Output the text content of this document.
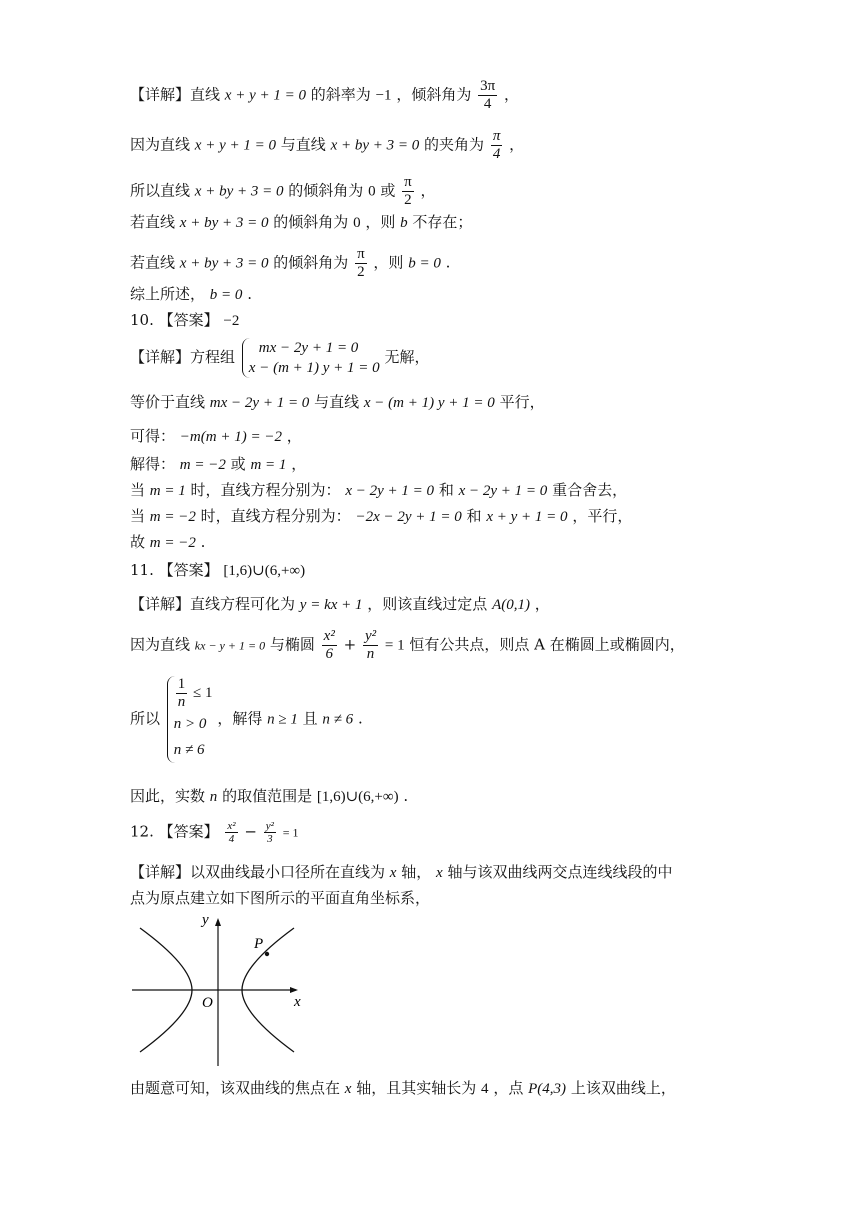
【详解】直线 x + y + 1 = 0 的斜率为 −1 ，倾斜角为 $\frac{3\pi}{4}$ ，
因为直线 x + y + 1 = 0 与直线 x + by + 3 = 0 的夹角为 $\frac{\pi}{4}$ ，
所以直线 x + by + 3 = 0 的倾斜角为 0 或 $\frac{\pi}{2}$ ，
若直线 x + by + 3 = 0 的倾斜角为 0 ，则 b 不存在；
若直线 x + by + 3 = 0 的倾斜角为 $\frac{\pi}{2}$ ，则 b = 0 .
综上所述， b = 0 .
10. 【答案】 −2
【详解】方程组	mx − 2y + 1 = 0
x − (m + 1) y + 1 = 0
无解，
等价于直线 mx − 2y + 1 = 0 与直线 x − (m + 1) y + 1 = 0 平行，
可得： −m(m + 1) = −2 ，
解得： m = −2 或 m = 1 ，
当 m = 1 时，直线方程分别为： x − 2y + 1 = 0 和 x − 2y + 1 = 0 重合舍去，
当 m = −2 时，直线方程分别为： −2x − 2y + 1 = 0 和 x + y + 1 = 0 ，平行，
故 m = −2 .
11. 【答案】 [1,6)∪(6,+∞)
【详解】直线方程可化为 y = kx + 1 ，则该直线过定点 A(0,1) ，
因为直线 kx − y + 1 = 0 与椭圆 $\frac{\text{x²}}{6} + \frac{\text{y²}}{n} = 1$ 恒有公共点，则点 A 在椭圆上或椭圆内，
所以
$\frac{1}{n} \le 1$
n > 0
n ≠ 6
，解得 n ≥ 1 且 n ≠ 6 .
因此，实数 n 的取值范围是 [1,6)∪(6,+∞) .
12. 【答案】 $\frac{\text{x²}}{4} - \frac{\text{y²}}{3} = 1$
【详解】以双曲线最小口径所在直线为 x 轴， x 轴与该双曲线两交点连线线段的中
点为原点建立如下图所示的平面直角坐标系，
P
y
x
O
由题意可知，该双曲线的焦点在 x 轴，且其实轴长为 4 ，点 P(4,3) 上该双曲线上，
